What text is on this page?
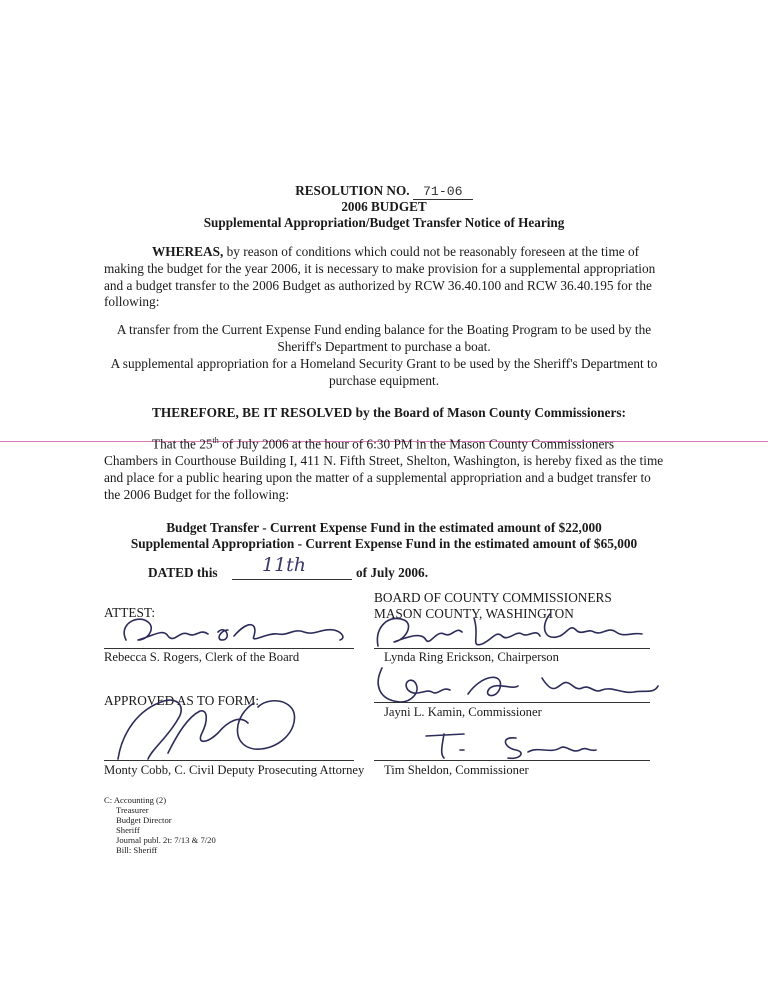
RESOLUTION NO. 71-06
2006 BUDGET
Supplemental Appropriation/Budget Transfer Notice of Hearing
WHEREAS, by reason of conditions which could not be reasonably foreseen at the time of making the budget for the year 2006, it is necessary to make provision for a supplemental appropriation and a budget transfer to the 2006 Budget as authorized by RCW 36.40.100 and RCW 36.40.195 for the following:
A transfer from the Current Expense Fund ending balance for the Boating Program to be used by the Sheriff's Department to purchase a boat.
A supplemental appropriation for a Homeland Security Grant to be used by the Sheriff's Department to purchase equipment.
THEREFORE, BE IT RESOLVED by the Board of Mason County Commissioners:
That the 25th of July 2006 at the hour of 6:30 PM in the Mason County Commissioners Chambers in Courthouse Building I, 411 N. Fifth Street, Shelton, Washington, is hereby fixed as the time and place for a public hearing upon the matter of a supplemental appropriation and a budget transfer to the 2006 Budget for the following:
Budget Transfer - Current Expense Fund in the estimated amount of $22,000
Supplemental Appropriation - Current Expense Fund in the estimated amount of $65,000
DATED this 11th	of July 2006.
BOARD OF COUNTY COMMISSIONERS
MASON COUNTY, WASHINGTON
ATTEST:
Rebecca S. Rogers, Clerk of the Board	Lynda Ring Erickson, Chairperson
APPROVED AS TO FORM:
Jayni L. Kamin, Commissioner
Monty Cobb, C. Civil Deputy Prosecuting Attorney Tim Sheldon, Commissioner
C: Accounting (2)
Treasurer
Budget Director
Sheriff
Journal publ. 2t: 7/13 & 7/20
Bill: Sheriff
